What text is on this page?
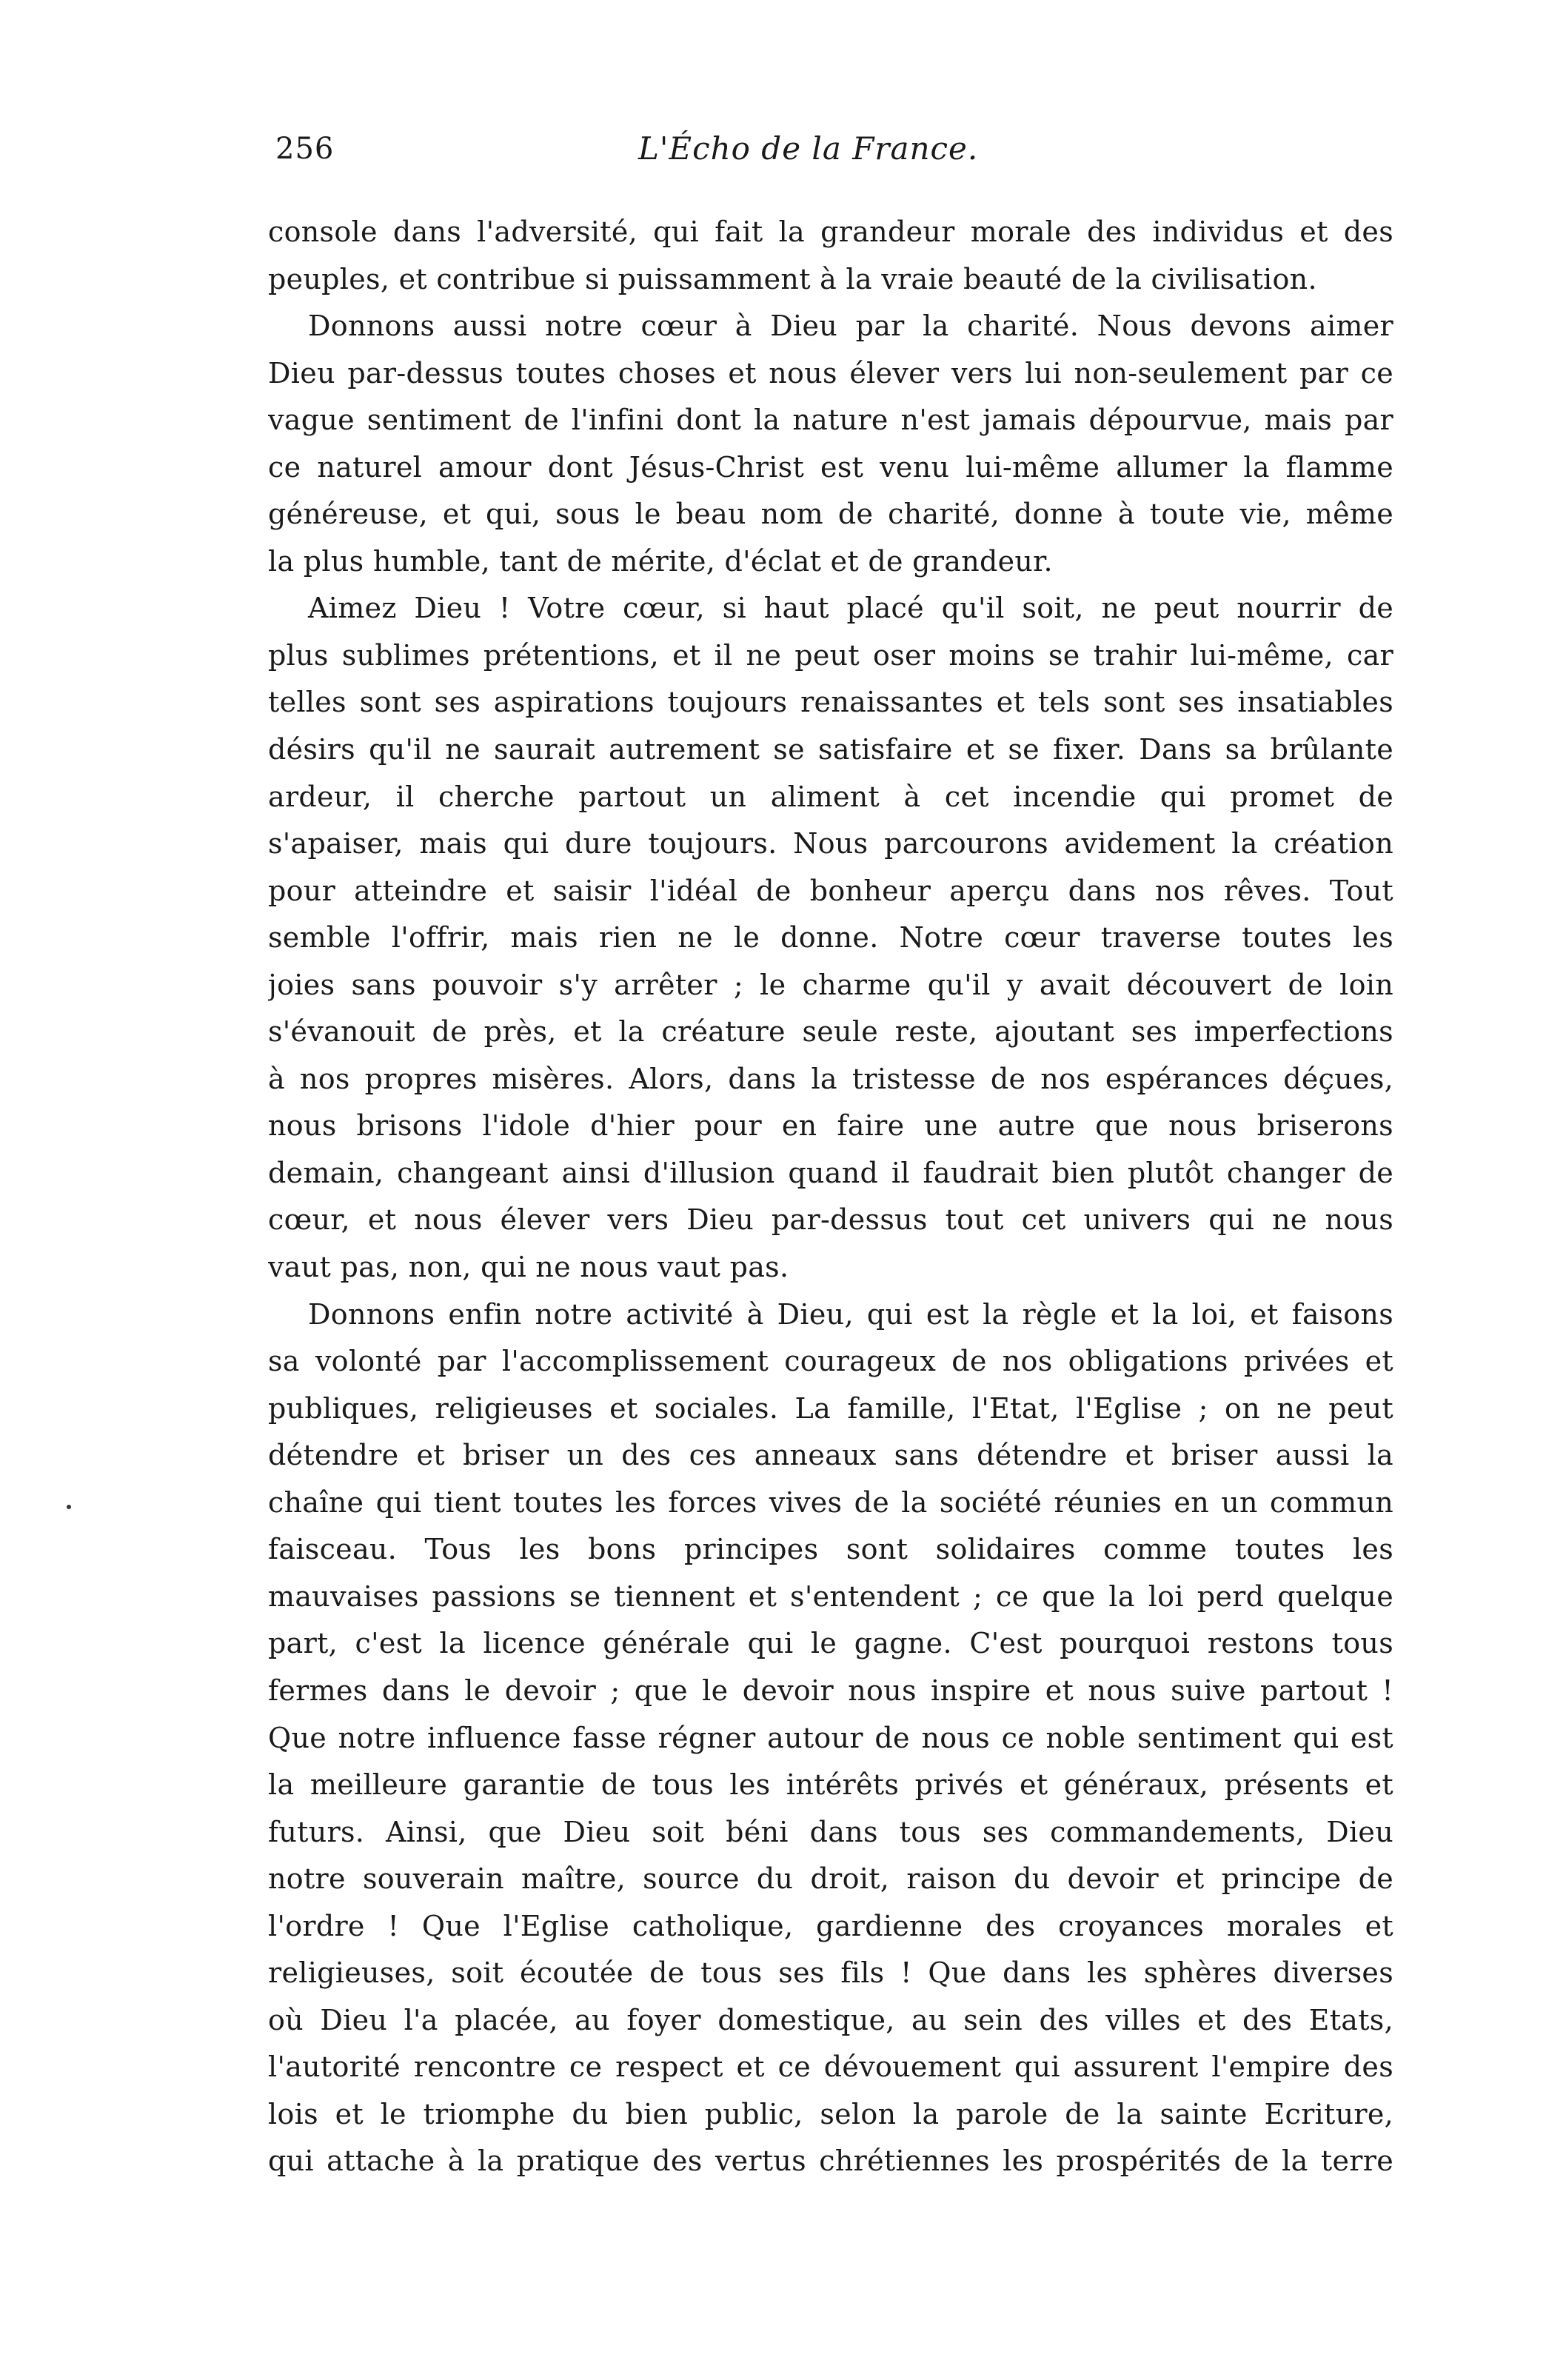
256	L'Écho de la France.
console dans l'adversité, qui fait la grandeur morale des individus et des
peuples, et contribue si puissamment à la vraie beauté de la civilisation.
Donnons aussi notre cœur à Dieu par la charité. Nous devons aimer
Dieu par-dessus toutes choses et nous élever vers lui non-seulement par ce
vague sentiment de l'infini dont la nature n'est jamais dépourvue, mais par
ce naturel amour dont Jésus-Christ est venu lui-même allumer la flamme
généreuse, et qui, sous le beau nom de charité, donne à toute vie, même
la plus humble, tant de mérite, d'éclat et de grandeur.
Aimez Dieu ! Votre cœur, si haut placé qu'il soit, ne peut nourrir de
plus sublimes prétentions, et il ne peut oser moins se trahir lui-même, car
telles sont ses aspirations toujours renaissantes et tels sont ses insatiables
désirs qu'il ne saurait autrement se satisfaire et se fixer. Dans sa brûlante
ardeur, il cherche partout un aliment à cet incendie qui promet de
s'apaiser, mais qui dure toujours. Nous parcourons avidement la création
pour atteindre et saisir l'idéal de bonheur aperçu dans nos rêves. Tout
semble l'offrir, mais rien ne le donne. Notre cœur traverse toutes les
joies sans pouvoir s'y arrêter ; le charme qu'il y avait découvert de loin
s'évanouit de près, et la créature seule reste, ajoutant ses imperfections
à nos propres misères. Alors, dans la tristesse de nos espérances déçues,
nous brisons l'idole d'hier pour en faire une autre que nous briserons
demain, changeant ainsi d'illusion quand il faudrait bien plutôt changer de
cœur, et nous élever vers Dieu par-dessus tout cet univers qui ne nous
vaut pas, non, qui ne nous vaut pas.
Donnons enfin notre activité à Dieu, qui est la règle et la loi, et faisons
sa volonté par l'accomplissement courageux de nos obligations privées et
publiques, religieuses et sociales. La famille, l'Etat, l'Eglise ; on ne peut
détendre et briser un des ces anneaux sans détendre et briser aussi la
chaîne qui tient toutes les forces vives de la société réunies en un commun
faisceau. Tous les bons principes sont solidaires comme toutes les
mauvaises passions se tiennent et s'entendent ; ce que la loi perd quelque
part, c'est la licence générale qui le gagne. C'est pourquoi restons tous
fermes dans le devoir ; que le devoir nous inspire et nous suive partout !
Que notre influence fasse régner autour de nous ce noble sentiment qui est
la meilleure garantie de tous les intérêts privés et généraux, présents et
futurs. Ainsi, que Dieu soit béni dans tous ses commandements, Dieu
notre souverain maître, source du droit, raison du devoir et principe de
l'ordre ! Que l'Eglise catholique, gardienne des croyances morales et
religieuses, soit écoutée de tous ses fils ! Que dans les sphères diverses
où Dieu l'a placée, au foyer domestique, au sein des villes et des Etats,
l'autorité rencontre ce respect et ce dévouement qui assurent l'empire des
lois et le triomphe du bien public, selon la parole de la sainte Ecriture,
qui attache à la pratique des vertus chrétiennes les prospérités de la terre
